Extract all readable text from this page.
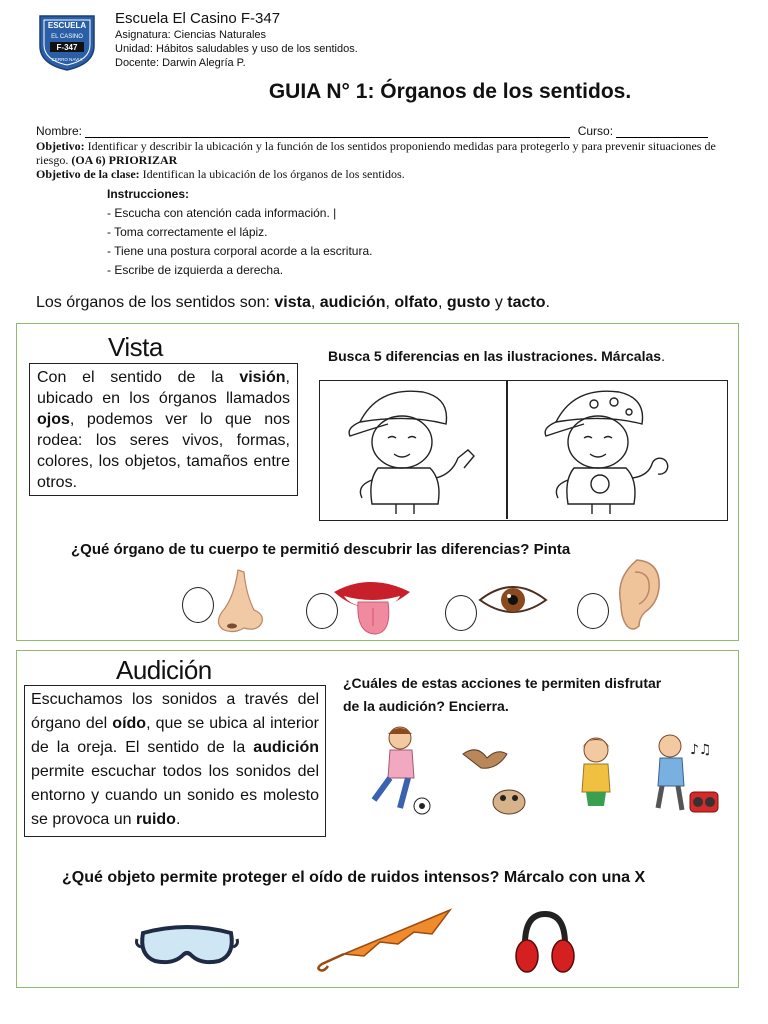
ESCUELA
EL CASINO
F-347
CERRO NAVIA
Escuela El Casino F-347
Asignatura: Ciencias Naturales
Unidad: Hábitos saludables y uso de los sentidos.
Docente: Darwin Alegría P.
GUIA N° 1: Órganos de los sentidos.
Nombre:	Curso:
Objetivo: Identificar y describir la ubicación y la función de los sentidos proponiendo medidas para protegerlo y para prevenir situaciones de riesgo. (OA 6) PRIORIZAR
Objetivo de la clase: Identifican la ubicación de los órganos de los sentidos.
Instrucciones:
- Escucha con atención cada información. |
- Toma correctamente el lápiz.
- Tiene una postura corporal acorde a la escritura.
- Escribe de izquierda a derecha.
Los órganos de los sentidos son: vista, audición, olfato, gusto y tacto.
Vista
Con el sentido de la visión, ubicado en los órganos llamados ojos, podemos ver lo que nos rodea: los seres vivos, formas, colores, los objetos, tamaños entre otros.
Busca 5 diferencias en las ilustraciones. Márcalas.
¿Qué órgano de tu cuerpo te permitió descubrir las diferencias? Pinta
Audición
Escuchamos los sonidos a través del órgano del oído, que se ubica al interior de la oreja. El sentido de la audición permite escuchar todos los sonidos del entorno y cuando un sonido es molesto se provoca un ruido.
¿Cuáles de estas acciones te permiten disfrutar
de la audición? Encierra.
♪♫
¿Qué objeto permite proteger el oído de ruidos intensos? Márcalo con una X
